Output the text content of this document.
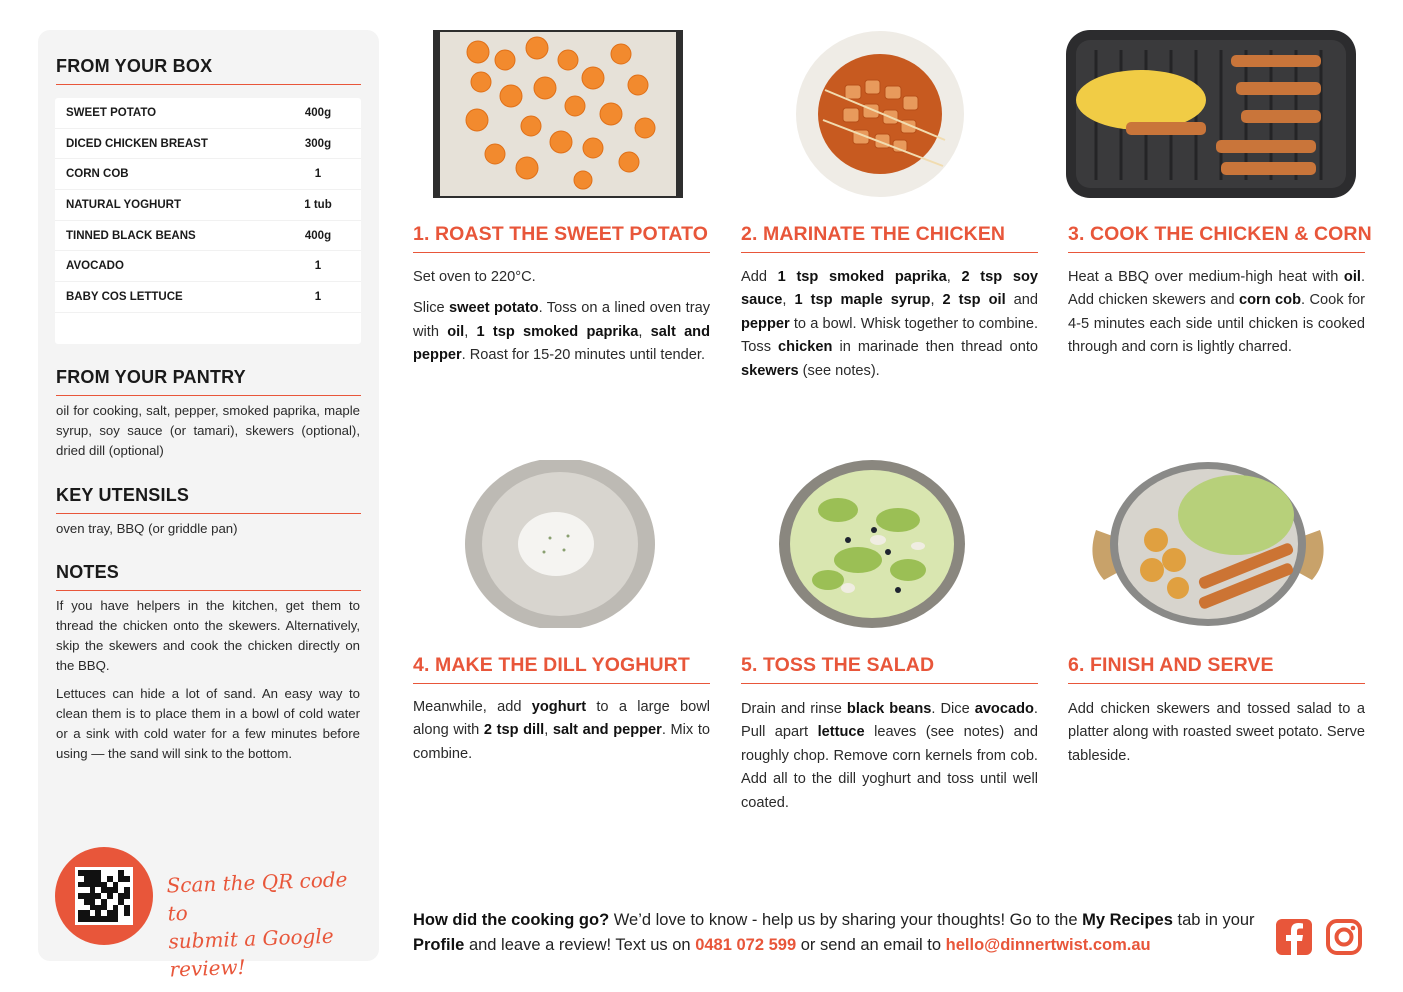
FROM YOUR BOX
SWEET POTATO	400g
DICED CHICKEN BREAST	300g
CORN COB	1
NATURAL YOGHURT	1 tub
TINNED BLACK BEANS	400g
AVOCADO	1
BABY COS LETTUCE	1
FROM YOUR PANTRY
oil for cooking, salt, pepper, smoked paprika, maple syrup, soy sauce (or tamari), skewers (optional), dried dill (optional)
KEY UTENSILS
oven tray, BBQ (or griddle pan)
NOTES
If you have helpers in the kitchen, get them to thread the chicken onto the skewers. Alternatively, skip the skewers and cook the chicken directly on the BBQ.
Lettuces can hide a lot of sand. An easy way to clean them is to place them in a bowl of cold water or a sink with cold water for a few minutes before using — the sand will sink to the bottom.
Scan the QR code to
submit a Google review!
1. ROAST THE SWEET POTATO

Set oven to 220°C.

Slice sweet potato. Toss on a lined oven tray with oil, 1 tsp smoked paprika, salt and pepper. Roast for 15-20 minutes until tender.

2. MARINATE THE CHICKEN

Add 1 tsp smoked paprika, 2 tsp soy sauce, 1 tsp maple syrup, 2 tsp oil and pepper to a bowl. Whisk together to combine. Toss chicken in marinade then thread onto skewers (see notes).

3. COOK THE CHICKEN & CORN

Heat a BBQ over medium-high heat with oil. Add chicken skewers and corn cob. Cook for 4-5 minutes each side until chicken is cooked through and corn is lightly charred.

4. MAKE THE DILL YOGHURT

Meanwhile, add yoghurt to a large bowl along with 2 tsp dill, salt and pepper. Mix to combine.

5. TOSS THE SALAD

Drain and rinse black beans. Dice avocado. Pull apart lettuce leaves (see notes) and roughly chop. Remove corn kernels from cob. Add all to the dill yoghurt and toss until well coated.

6. FINISH AND SERVE

Add chicken skewers and tossed salad to a platter along with roasted sweet potato. Serve tableside.

How did the cooking go? We’d love to know - help us by sharing your thoughts! Go to the My Recipes tab in your Profile and leave a review! Text us on 0481 072 599 or send an email to hello@dinnertwist.com.au
